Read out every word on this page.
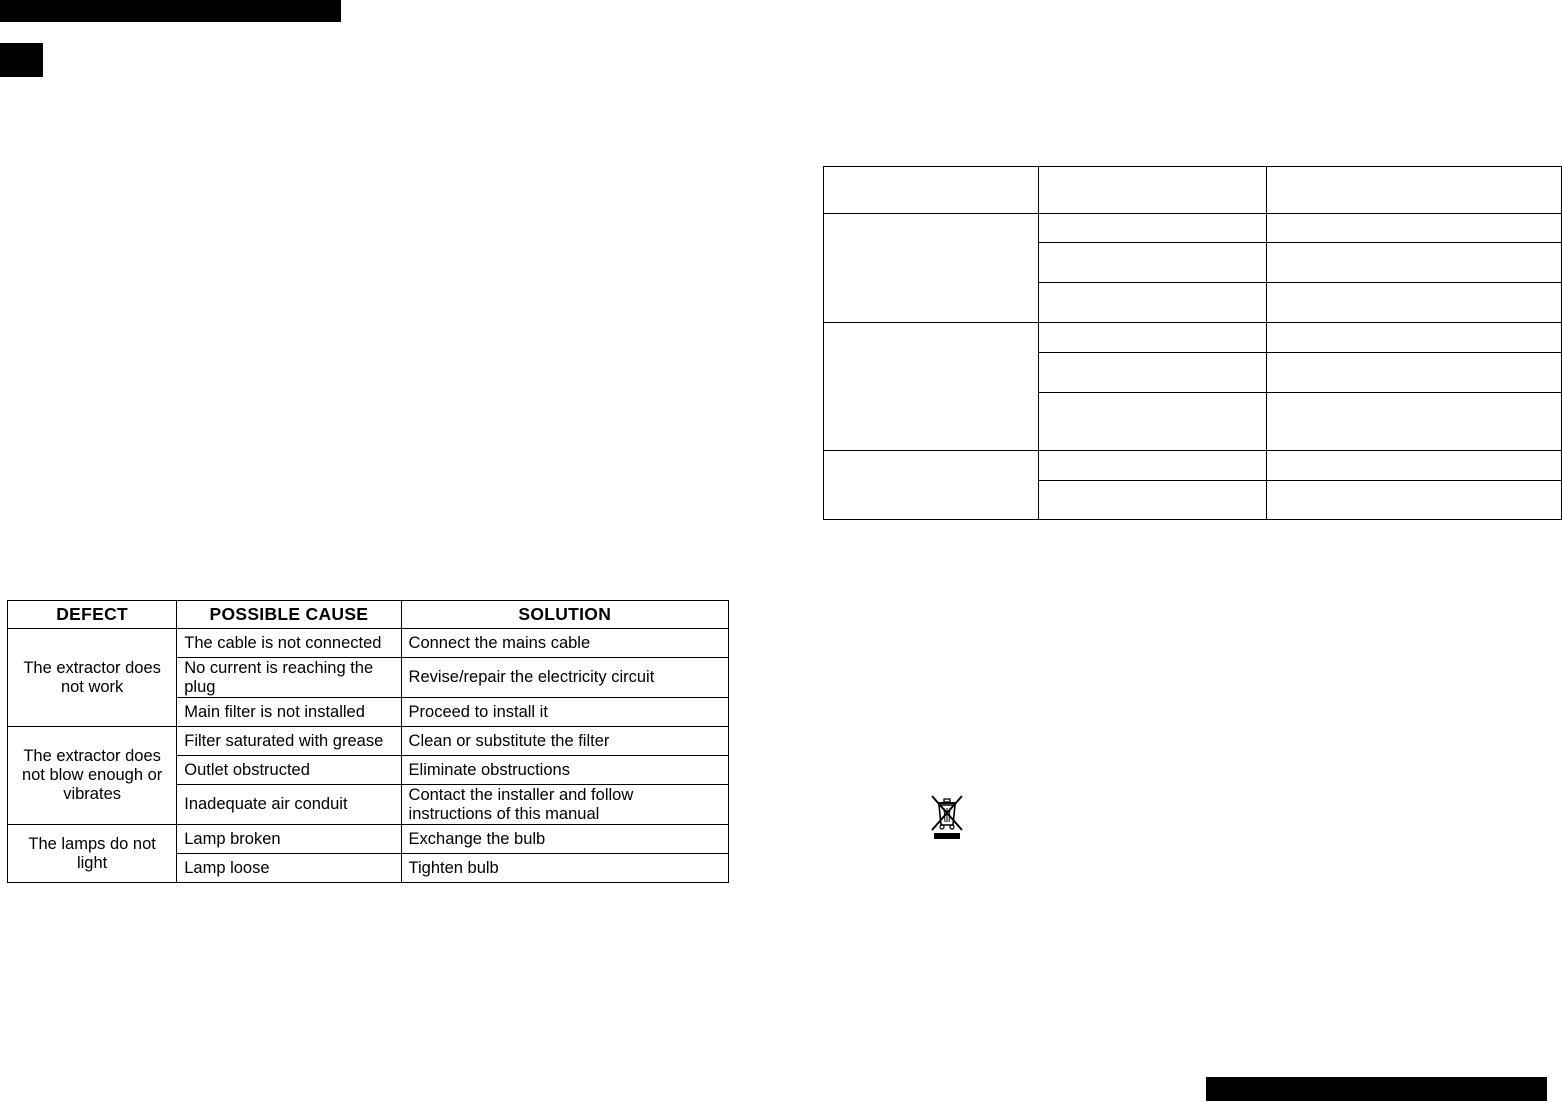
DEFECT	POSSIBLE CAUSE	SOLUTION
The extractor does not work	The cable is not connected	Connect the mains cable
	No current is reaching the plug	Revise/repair the electricity circuit
	Main filter is not installed	Proceed to install it
The extractor does not blow enough or vibrates	Filter saturated with grease	Clean or substitute the filter
	Outlet obstructed	Eliminate obstructions
	Inadequate air conduit	Contact the installer and follow instructions of this manual
The lamps do not light	Lamp broken	Exchange the bulb
	Lamp loose	Tighten bulb
